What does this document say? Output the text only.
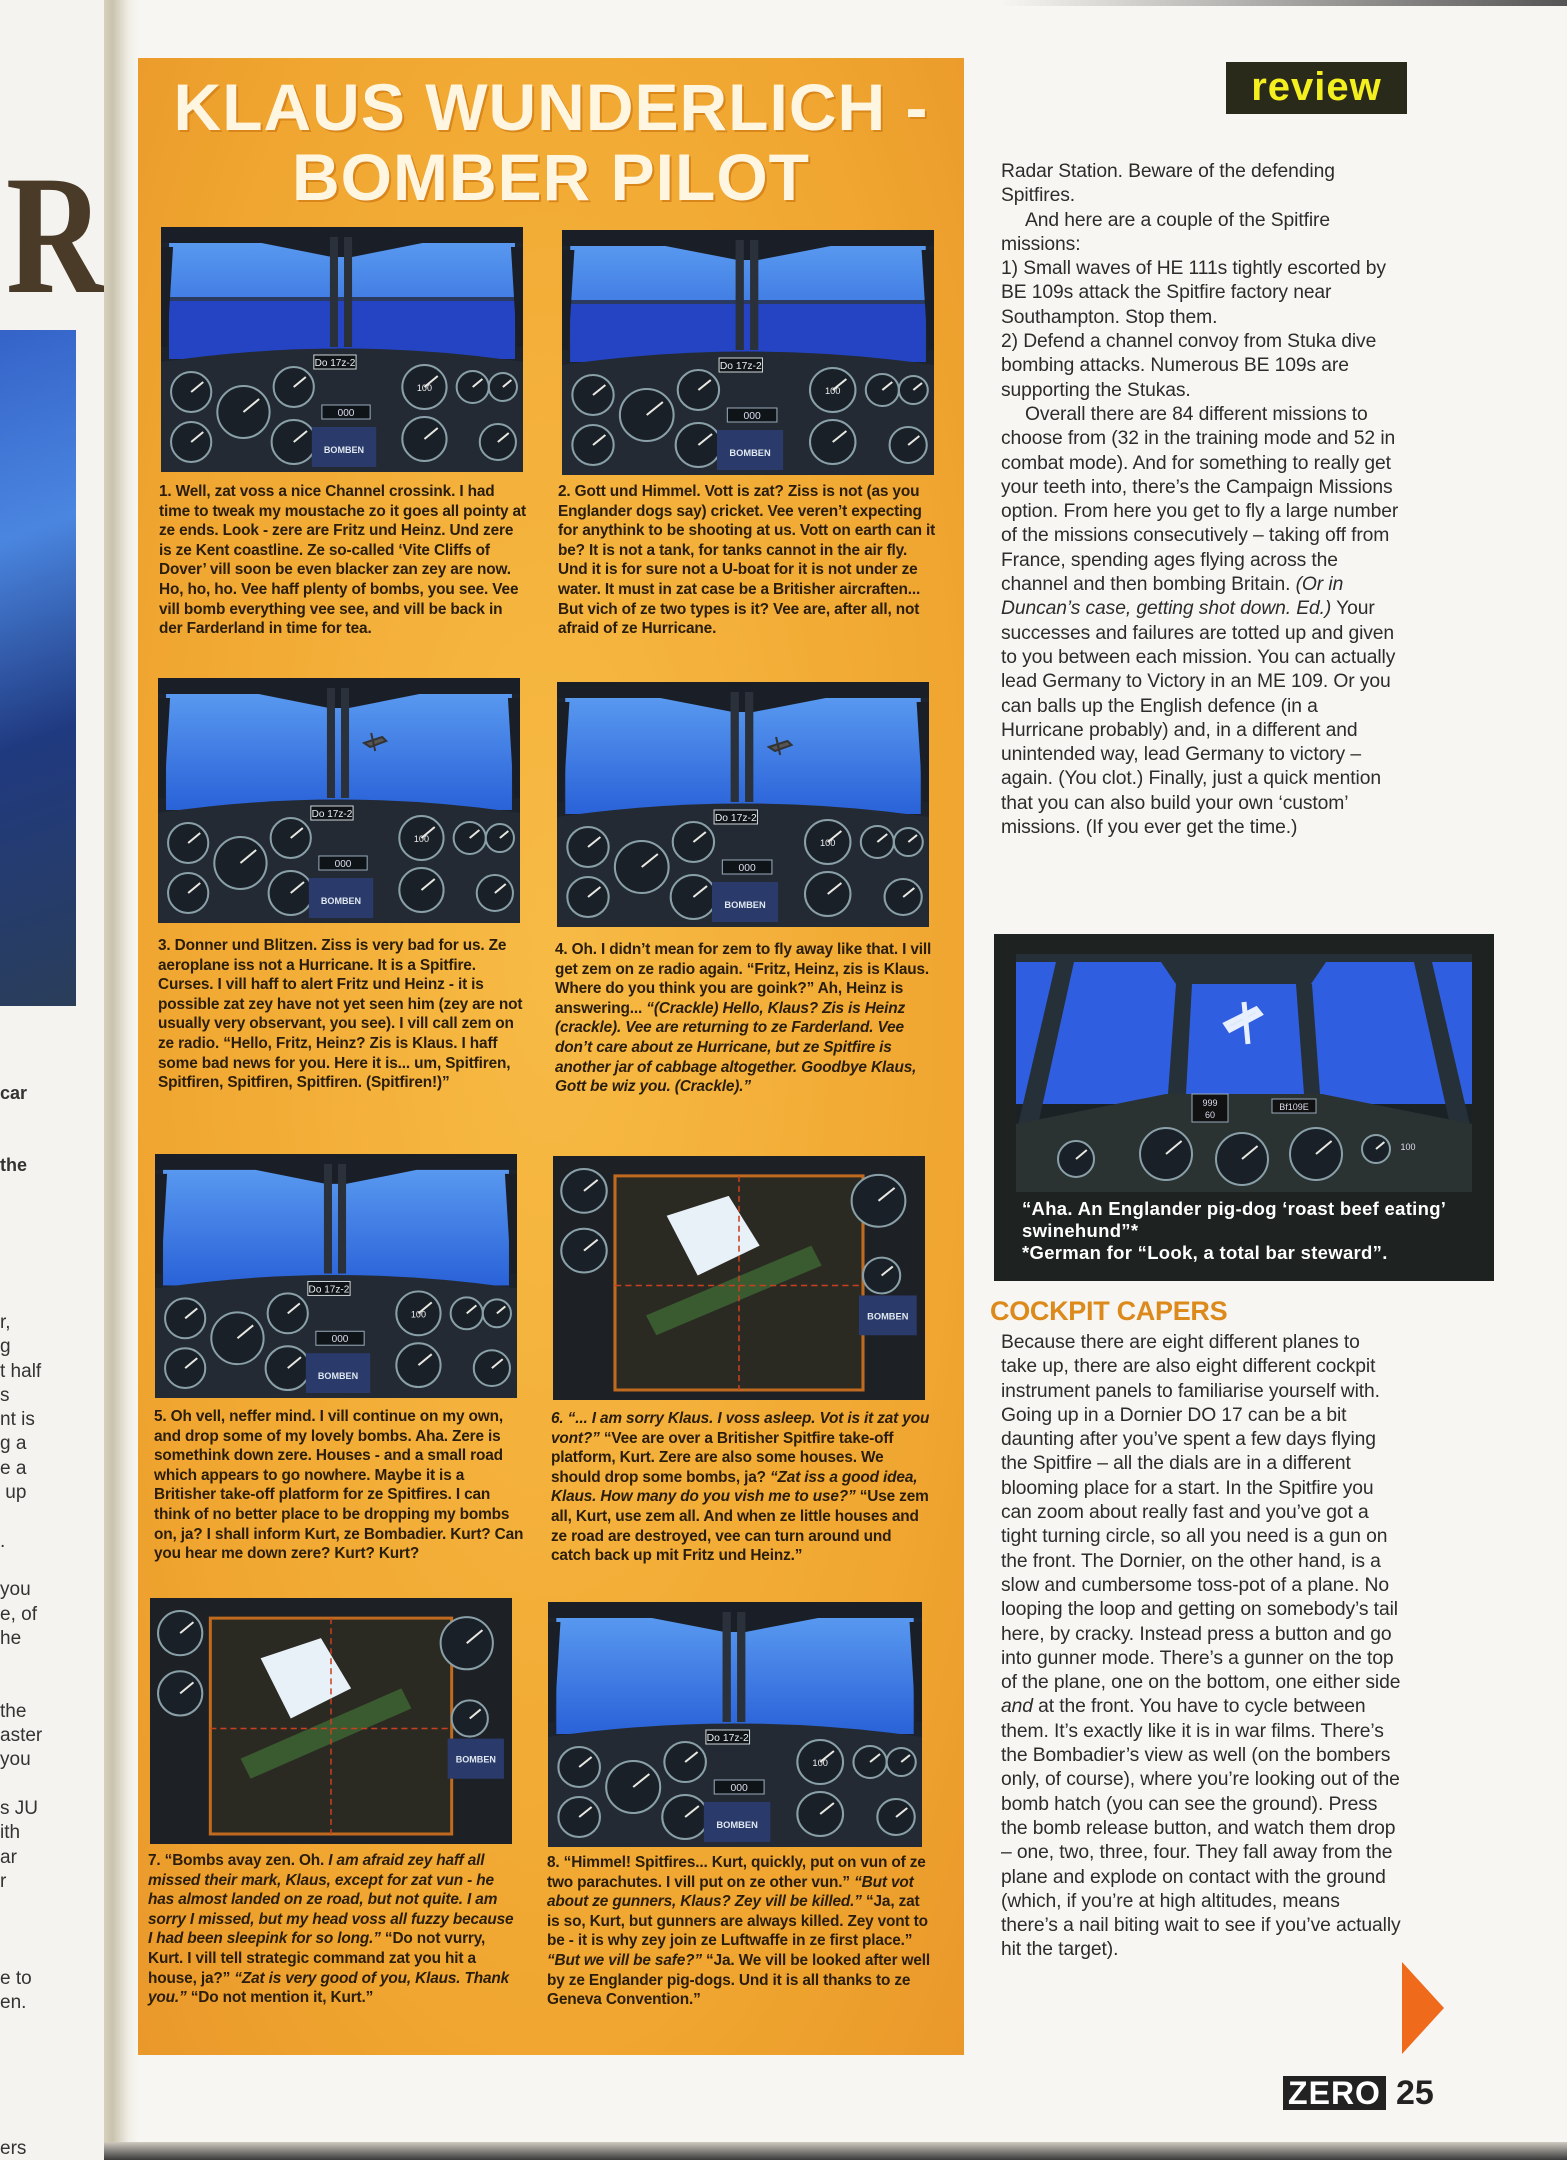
R

car

the

r,
g
t half
s
nt is
g a
e a
up
.
you
e, of
he
the
aster
you
s JU
ith
ar
r
e to
en.
ers

KLAUS WUNDERLICH -
BOMBER PILOT
Do 17z-2
000
BOMBEN
100
Do 17z-2
000
BOMBEN
100
Do 17z-2
000
BOMBEN
100
Do 17z-2
000
BOMBEN
100
Do 17z-2
000
BOMBEN
100	BOMBEN
BOMBEN
Do 17z-2
000
BOMBEN
100

1. Well, zat voss a nice Channel crossink. I had time to tweak my moustache zo it goes all pointy at ze ends. Look - zere are Fritz und Heinz. Und zere is ze Kent coastline. Ze so-called ‘Vite Cliffs of Dover’ vill soon be even blacker zan zey are now. Ho, ho, ho. Vee haff plenty of bombs, you see. Vee vill bomb everything vee see, and vill be back in der Farderland in time for tea.

2. Gott und Himmel. Vott is zat? Ziss is not (as you Englander dogs say) cricket. Vee veren’t expecting for anythink to be shooting at us. Vott on earth can it be? It is not a tank, for tanks cannot in the air fly. Und it is for sure not a U-boat for it is not under ze water. It must in zat case be a Britisher aircraften... But vich of ze two types is it? Vee are, after all, not afraid of ze Hurricane.

3. Donner und Blitzen. Ziss is very bad for us. Ze aeroplane iss not a Hurricane. It is a Spitfire. Curses. I vill haff to alert Fritz und Heinz - it is possible zat zey have not yet seen him (zey are not usually very observant, you see). I vill call zem on ze radio. “Hello, Fritz, Heinz? Zis is Klaus. I haff some bad news for you. Here it is... um, Spitfiren, Spitfiren, Spitfiren, Spitfiren. (Spitfiren!)”

4. Oh. I didn’t mean for zem to fly away like that. I vill get zem on ze radio again. “Fritz, Heinz, zis is Klaus. Where do you think you are goink?” Ah, Heinz is answering... “(Crackle) Hello, Klaus? Zis is Heinz (crackle). Vee are returning to ze Farderland. Vee don’t care about ze Hurricane, but ze Spitfire is another jar of cabbage altogether. Goodbye Klaus, Gott be wiz you. (Crackle).”

5. Oh vell, neffer mind. I vill continue on my own, and drop some of my lovely bombs. Aha. Zere is somethink down zere. Houses - and a small road which appears to go nowhere. Maybe it is a Britisher take-off platform for ze Spitfires. I can think of no better place to be dropping my bombs on, ja? I shall inform Kurt, ze Bombadier. Kurt? Can you hear me down zere? Kurt? Kurt?

6. “... I am sorry Klaus. I voss asleep. Vot is it zat you vont?” “Vee are over a Britisher Spitfire take-off platform, Kurt. Zere are also some houses. We should drop some bombs, ja? “Zat iss a good idea, Klaus. How many do you vish me to use?” “Use zem all, Kurt, use zem all. And when ze little houses and ze road are destroyed, vee can turn around und catch back up mit Fritz und Heinz.”

7. “Bombs avay zen. Oh. I am afraid zey haff all missed their mark, Klaus, except for zat vun - he has almost landed on ze road, but not quite. I am sorry I missed, but my head voss all fuzzy because I had been sleepink for so long.” “Do not vurry, Kurt. I vill tell strategic command zat you hit a house, ja?” “Zat is very good of you, Klaus. Thank you.” “Do not mention it, Kurt.”

8. “Himmel! Spitfires... Kurt, quickly, put on vun of ze two parachutes. I vill put on ze other vun.” “But vot about ze gunners, Klaus? Zey vill be killed.” “Ja, zat is so, Kurt, but gunners are always killed. Zey vont to be - it is why zey join ze Luftwaffe in ze first place.” “But we vill be safe?” “Ja. We vill be looked after well by ze Englander pig-dogs. Und it is all thanks to ze Geneva Convention.”

review

Radar Station. Beware of the defending Spitfires.

And here are a couple of the Spitfire missions:

1) Small waves of HE 111s tightly escorted by BE 109s attack the Spitfire factory near Southampton. Stop them.

2) Defend a channel convoy from Stuka dive bombing attacks. Numerous BE 109s are supporting the Stukas.

Overall there are 84 different missions to choose from (32 in the training mode and 52 in combat mode). And for something to really get your teeth into, there’s the Campaign Missions option. From here you get to fly a large number of the missions consecutively – taking off from France, spending ages flying across the channel and then bombing Britain. (Or in Duncan’s case, getting shot down. Ed.) Your successes and failures are totted up and given to you between each mission. You can actually lead Germany to Victory in an ME 109. Or you can balls up the English defence (in a Hurricane probably) and, in a different and unintended way, lead Germany to victory – again. (You clot.) Finally, just a quick mention that you can also build your own ‘custom’ missions. (If you ever get the time.)

999
60
Bf109E
100

“Aha. An Englander pig-dog ‘roast beef eating’ swinehund”*
*German for “Look, a total bar steward”.

COCKPIT CAPERS

Because there are eight different planes to take up, there are also eight different cockpit instrument panels to familiarise yourself with. Going up in a Dornier DO 17 can be a bit daunting after you’ve spent a few days flying the Spitfire – all the dials are in a different blooming place for a start. In the Spitfire you can zoom about really fast and you’ve got a tight turning circle, so all you need is a gun on the front. The Dornier, on the other hand, is a slow and cumbersome toss-pot of a plane. No looping the loop and getting on somebody’s tail here, by cracky. Instead press a button and go into gunner mode. There’s a gunner on the top of the plane, one on the bottom, one either side and at the front. You have to cycle between them. It’s exactly like it is in war films. There’s the Bombadier’s view as well (on the bombers only, of course), where you’re looking out of the bomb hatch (you can see the ground). Press the bomb release button, and watch them drop – one, two, three, four. They fall away from the plane and explode on contact with the ground (which, if you’re at high altitudes, means there’s a nail biting wait to see if you’ve actually hit the target).

ZERO 25
